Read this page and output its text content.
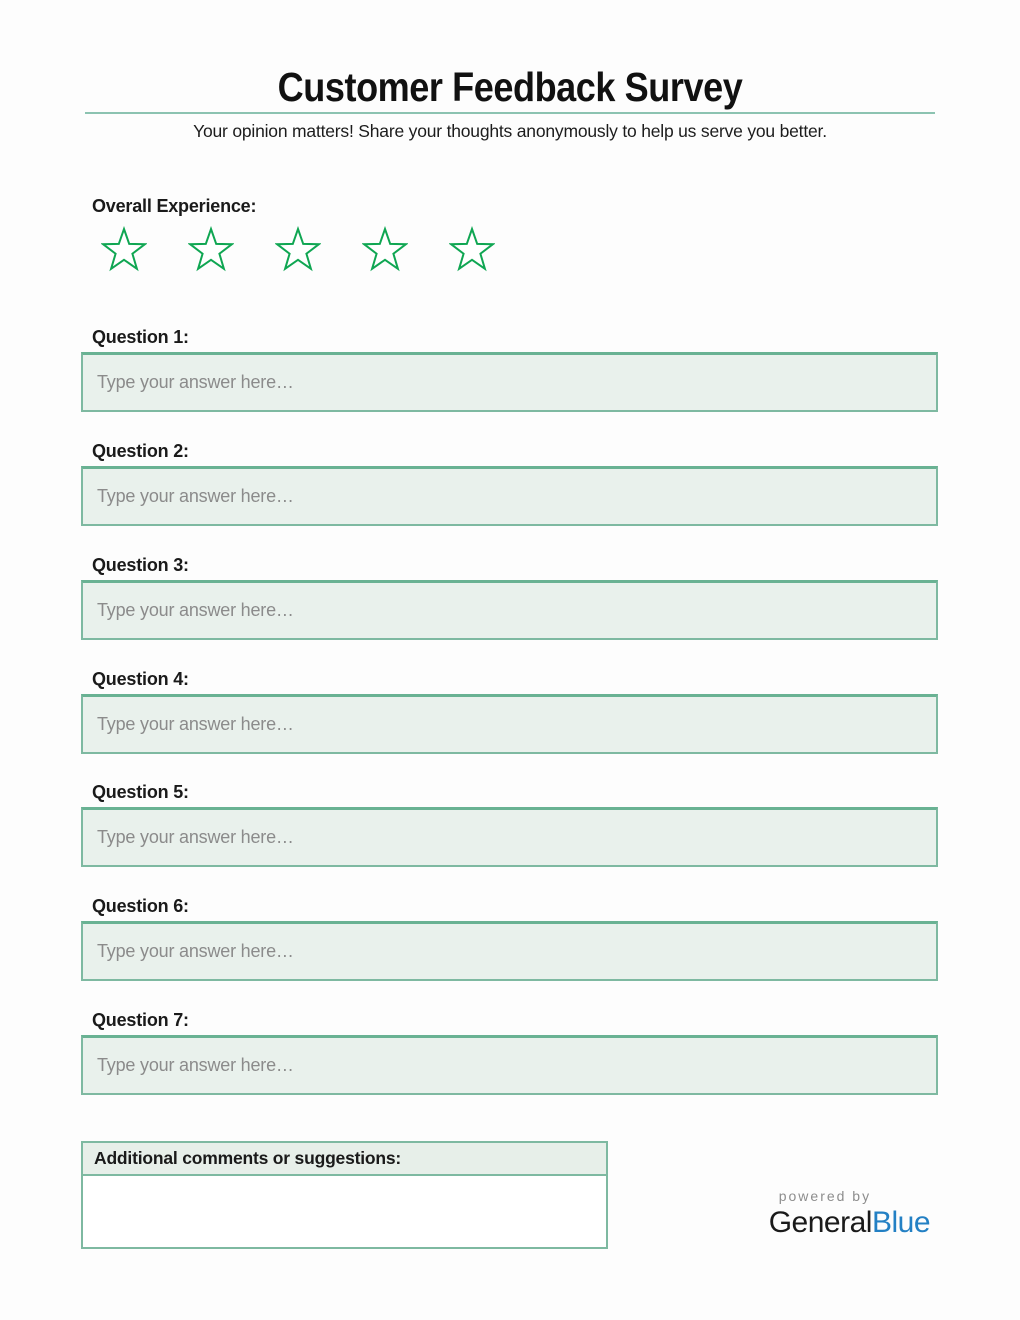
Customer Feedback Survey
Your opinion matters! Share your thoughts anonymously to help us serve you better.
Overall Experience:
Question 1:
Type your answer here…
Question 2:
Type your answer here…
Question 3:
Type your answer here…
Question 4:
Type your answer here…
Question 5:
Type your answer here…
Question 6:
Type your answer here…
Question 7:
Type your answer here…
Additional comments or suggestions:
powered by
GeneralBlue
